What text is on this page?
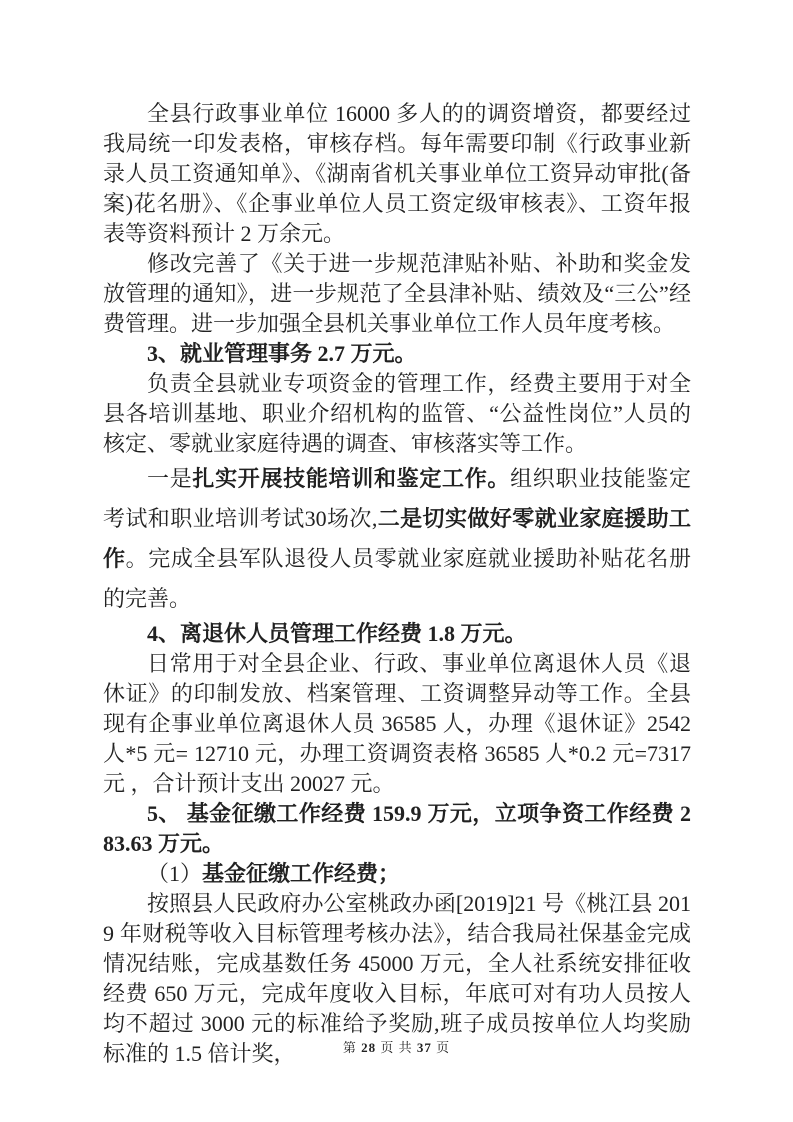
全县行政事业单位 16000 多人的的调资增资，都要经过我局统一印发表格，审核存档。每年需要印制《行政事业新录人员工资通知单》、《湖南省机关事业单位工资异动审批(备案)花名册》、《企事业单位人员工资定级审核表》、工资年报表等资料预计 2 万余元。

修改完善了《关于进一步规范津贴补贴、补助和奖金发放管理的通知》，进一步规范了全县津补贴、绩效及“三公”经费管理。进一步加强全县机关事业单位工作人员年度考核。

3、就业管理事务 2.7 万元。

负责全县就业专项资金的管理工作，经费主要用于对全县各培训基地、职业介绍机构的监管、“公益性岗位”人员的核定、零就业家庭待遇的调查、审核落实等工作。

一是扎实开展技能培训和鉴定工作。组织职业技能鉴定考试和职业培训考试30场次,二是切实做好零就业家庭援助工作。完成全县军队退役人员零就业家庭就业援助补贴花名册的完善。

4、离退休人员管理工作经费 1.8 万元。

日常用于对全县企业、行政、事业单位离退休人员《退休证》的印制发放、档案管理、工资调整异动等工作。全县现有企事业单位离退休人员 36585 人，办理《退休证》2542 人*5 元= 12710 元，办理工资调资表格 36585 人*0.2 元=7317 元 ，合计预计支出 20027 元。

5、 基金征缴工作经费 159.9 万元，立项争资工作经费 283.63 万元。

（1）基金征缴工作经费；

按照县人民政府办公室桃政办函[2019]21 号《桃江县 2019 年财税等收入目标管理考核办法》，结合我局社保基金完成情况结账，完成基数任务 45000 万元，全人社系统安排征收经费 650 万元，完成年度收入目标，年底可对有功人员按人均不超过 3000 元的标准给予奖励,班子成员按单位人均奖励标准的 1.5 倍计奖，	第 28 页 共 37 页
